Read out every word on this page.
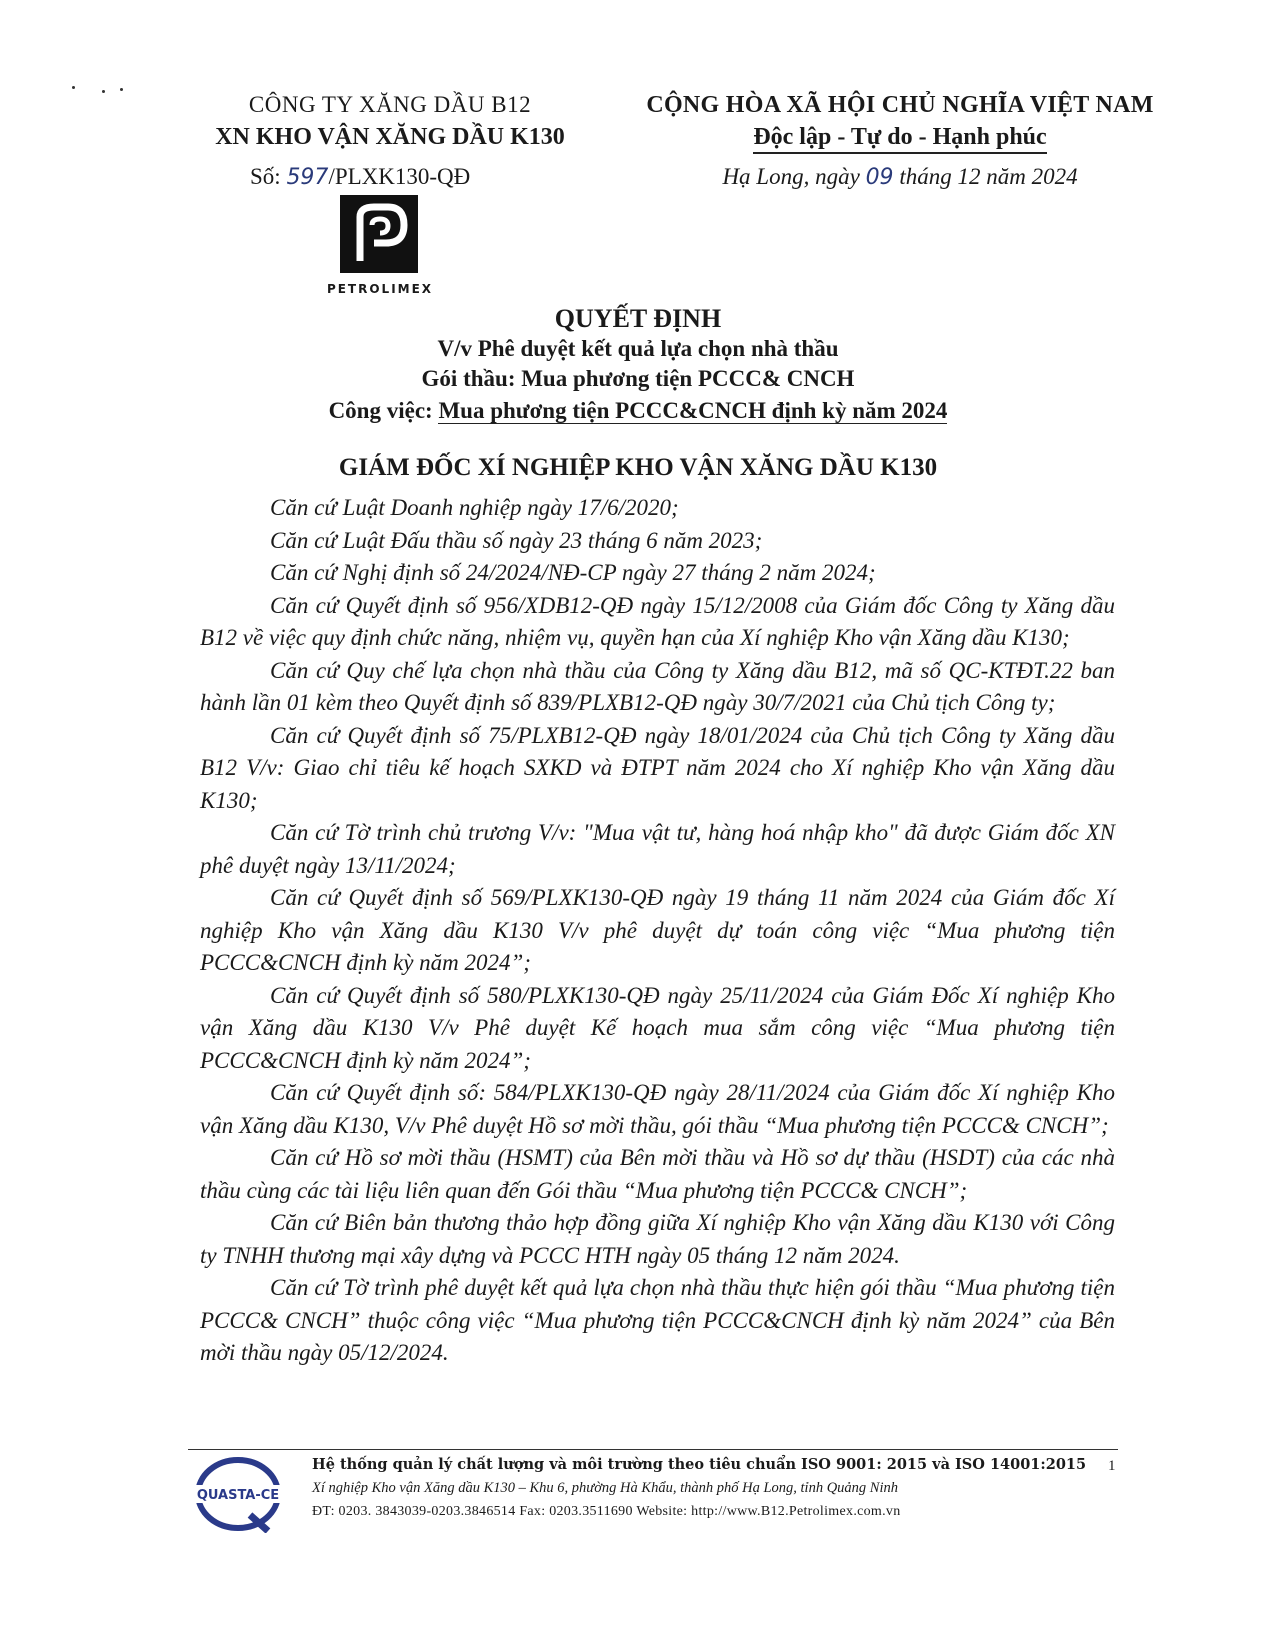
CÔNG TY XĂNG DẦU B12
XN KHO VẬN XĂNG DẦU K130
Số: 597/PLXK130-QĐ
CỘNG HÒA XÃ HỘI CHỦ NGHĨA VIỆT NAM
Độc lập - Tự do - Hạnh phúc
Hạ Long, ngày 09 tháng 12 năm 2024
PETROLIMEX
QUYẾT ĐỊNH
V/v Phê duyệt kết quả lựa chọn nhà thầu
Gói thầu: Mua phương tiện PCCC& CNCH
Công việc: Mua phương tiện PCCC&CNCH định kỳ năm 2024
GIÁM ĐỐC XÍ NGHIỆP KHO VẬN XĂNG DẦU K130

Căn cứ Luật Doanh nghiệp ngày 17/6/2020;

Căn cứ Luật Đấu thầu số ngày 23 tháng 6 năm 2023;

Căn cứ Nghị định số 24/2024/NĐ-CP ngày 27 tháng 2 năm 2024;

Căn cứ Quyết định số 956/XDB12-QĐ ngày 15/12/2008 của Giám đốc Công ty Xăng dầu B12 về việc quy định chức năng, nhiệm vụ, quyền hạn của Xí nghiệp Kho vận Xăng dầu K130;

Căn cứ Quy chế lựa chọn nhà thầu của Công ty Xăng dầu B12, mã số QC-KTĐT.22 ban hành lần 01 kèm theo Quyết định số 839/PLXB12-QĐ ngày 30/7/2021 của Chủ tịch Công ty;

Căn cứ Quyết định số 75/PLXB12-QĐ ngày 18/01/2024 của Chủ tịch Công ty Xăng dầu B12 V/v: Giao chỉ tiêu kế hoạch SXKD và ĐTPT năm 2024 cho Xí nghiệp Kho vận Xăng dầu K130;

Căn cứ Tờ trình chủ trương V/v: "Mua vật tư, hàng hoá nhập kho" đã được Giám đốc XN phê duyệt ngày 13/11/2024;

Căn cứ Quyết định số 569/PLXK130-QĐ ngày 19 tháng 11 năm 2024 của Giám đốc Xí nghiệp Kho vận Xăng dầu K130 V/v phê duyệt dự toán công việc “Mua phương tiện PCCC&CNCH định kỳ năm 2024”;

Căn cứ Quyết định số 580/PLXK130-QĐ ngày 25/11/2024 của Giám Đốc Xí nghiệp Kho vận Xăng dầu K130 V/v Phê duyệt Kế hoạch mua sắm công việc “Mua phương tiện PCCC&CNCH định kỳ năm 2024”;

Căn cứ Quyết định số: 584/PLXK130-QĐ ngày 28/11/2024 của Giám đốc Xí nghiệp Kho vận Xăng dầu K130, V/v Phê duyệt Hồ sơ mời thầu, gói thầu “Mua phương tiện PCCC& CNCH”;

Căn cứ Hồ sơ mời thầu (HSMT) của Bên mời thầu và Hồ sơ dự thầu (HSDT) của các nhà thầu cùng các tài liệu liên quan đến Gói thầu “Mua phương tiện PCCC& CNCH”;

Căn cứ Biên bản thương thảo hợp đồng giữa Xí nghiệp Kho vận Xăng dầu K130 với Công ty TNHH thương mại xây dựng và PCCC HTH ngày 05 tháng 12 năm 2024.

Căn cứ Tờ trình phê duyệt kết quả lựa chọn nhà thầu thực hiện gói thầu “Mua phương tiện PCCC& CNCH” thuộc công việc “Mua phương tiện PCCC&CNCH định kỳ năm 2024” của Bên mời thầu ngày 05/12/2024.

QUASTA-CE
Hệ thống quản lý chất lượng và môi trường theo tiêu chuẩn ISO 9001: 2015 và ISO 14001:2015
Xí nghiệp Kho vận Xăng dầu K130 – Khu 6, phường Hà Khẩu, thành phố Hạ Long, tỉnh Quảng Ninh
ĐT: 0203. 3843039-0203.3846514 Fax: 0203.3511690 Website: http://www.B12.Petrolimex.com.vn
1
